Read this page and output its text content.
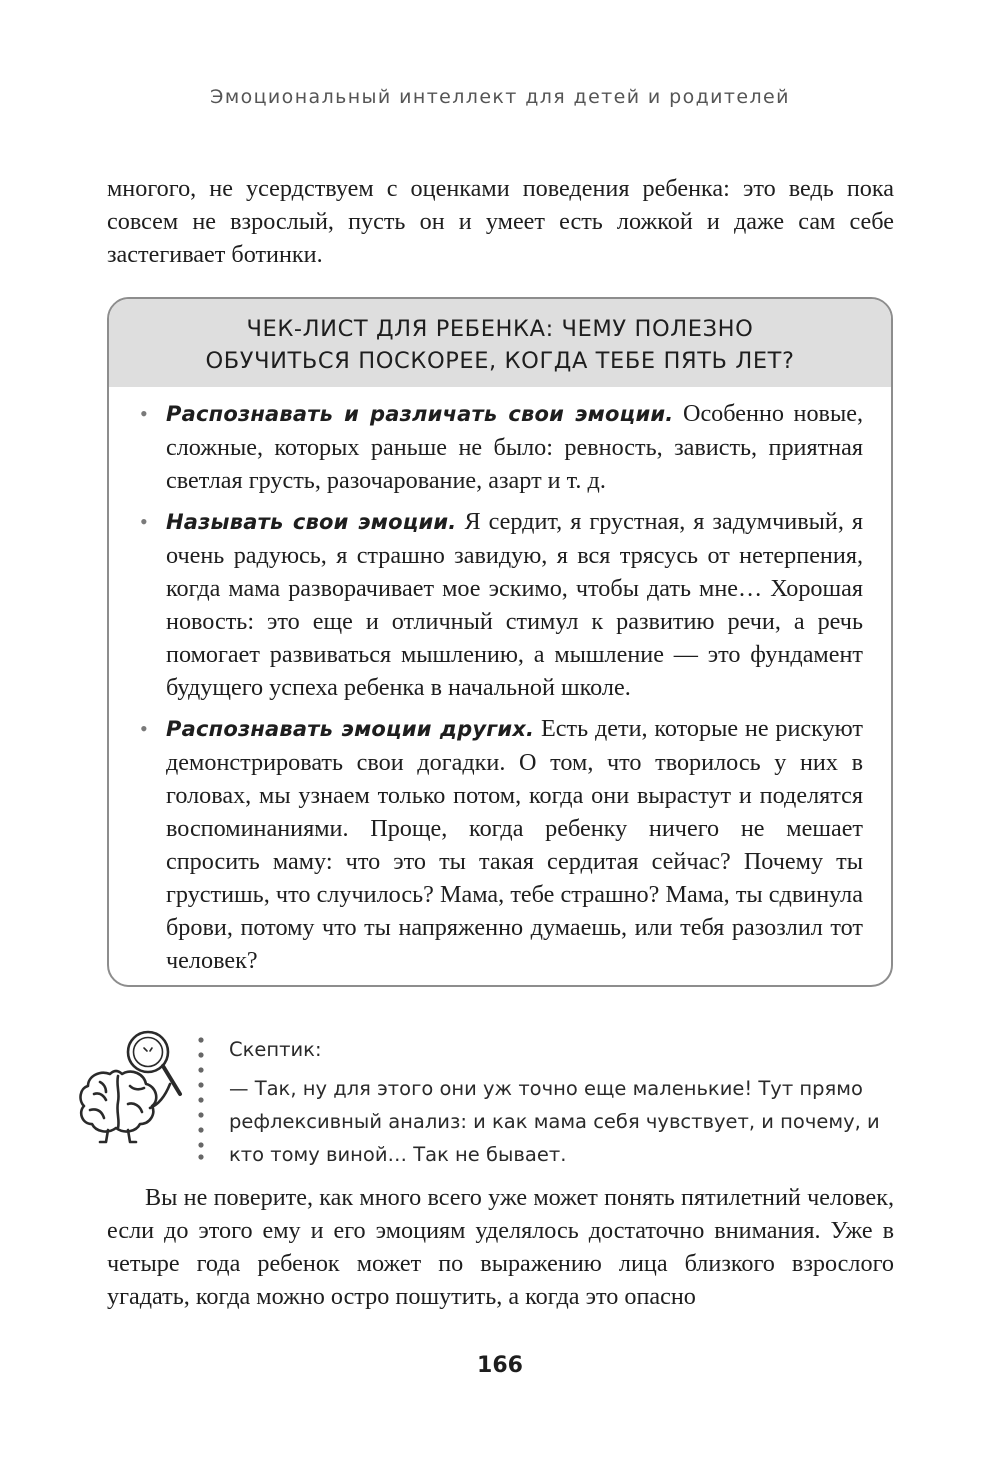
Эмоциональный интеллект для детей и родителей

многого, не усердствуем с оценками поведения ребенка: это ведь пока совсем не взрослый, пусть он и умеет есть ложкой и даже сам себе застегивает ботинки.

ЧЕК-ЛИСТ ДЛЯ РЕБЕНКА: ЧЕМУ ПОЛЕЗНО
ОБУЧИТЬСЯ ПОСКОРЕЕ, КОГДА ТЕБЕ ПЯТЬ ЛЕТ?
• Распознавать и различать свои эмоции. Особенно новые, сложные, которых раньше не было: ревность, зависть, приятная светлая грусть, разочарование, азарт и т. д.
• Называть свои эмоции. Я сердит, я грустная, я задумчивый, я очень радуюсь, я страшно завидую, я вся трясусь от нетерпения, когда мама разворачивает мое эскимо, чтобы дать мне… Хорошая новость: это еще и отличный стимул к развитию речи, а речь помогает развиваться мышлению, а мышление — это фундамент будущего успеха ребенка в начальной школе.
• Распознавать эмоции других. Есть дети, которые не рискуют демонстрировать свои догадки. О том, что творилось у них в головах, мы узнаем только потом, когда они вырастут и поделятся воспоминаниями. Проще, когда ребенку ничего не мешает спросить маму: что это ты такая сердитая сейчас? Почему ты грустишь, что случилось? Мама, тебе страшно? Мама, ты сдвинула брови, потому что ты напряженно думаешь, или тебя разозлил тот человек?

Скептик:

— Так, ну для этого они уж точно еще маленькие! Тут прямо рефлексивный анализ: и как мама себя чувствует, и почему, и кто тому виной… Так не бывает.

Вы не поверите, как много всего уже может понять пятилетний человек, если до этого ему и его эмоциям уделялось достаточно внимания. Уже в четыре года ребенок может по выражению лица близкого взрослого угадать, когда можно остро пошутить, а когда это опасно

166
